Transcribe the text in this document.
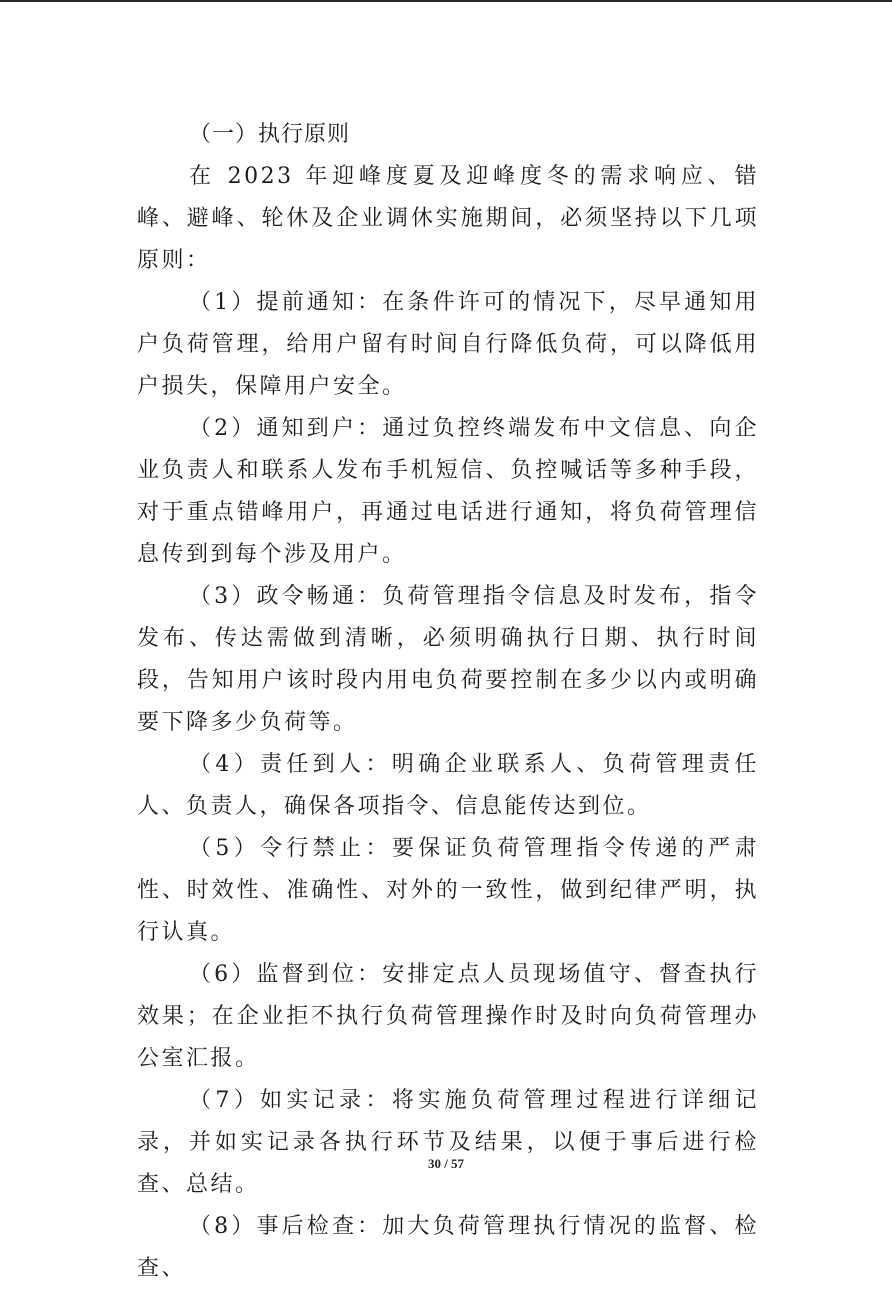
（一）执行原则

在 2023 年迎峰度夏及迎峰度冬的需求响应、错峰、避峰、轮休及企业调休实施期间，必须坚持以下几项原则：

（1）提前通知：在条件许可的情况下，尽早通知用户负荷管理，给用户留有时间自行降低负荷，可以降低用户损失，保障用户安全。

（2）通知到户：通过负控终端发布中文信息、向企业负责人和联系人发布手机短信、负控喊话等多种手段，对于重点错峰用户，再通过电话进行通知，将负荷管理信息传到到每个涉及用户。

（3）政令畅通：负荷管理指令信息及时发布，指令发布、传达需做到清晰，必须明确执行日期、执行时间段，告知用户该时段内用电负荷要控制在多少以内或明确要下降多少负荷等。

（4）责任到人：明确企业联系人、负荷管理责任人、负责人，确保各项指令、信息能传达到位。

（5）令行禁止：要保证负荷管理指令传递的严肃性、时效性、准确性、对外的一致性，做到纪律严明，执行认真。

（6）监督到位：安排定点人员现场值守、督查执行效果；在企业拒不执行负荷管理操作时及时向负荷管理办公室汇报。

（7）如实记录：将实施负荷管理过程进行详细记录，并如实记录各执行环节及结果，以便于事后进行检查、总结。

（8）事后检查：加大负荷管理执行情况的监督、检查、

30 / 57
